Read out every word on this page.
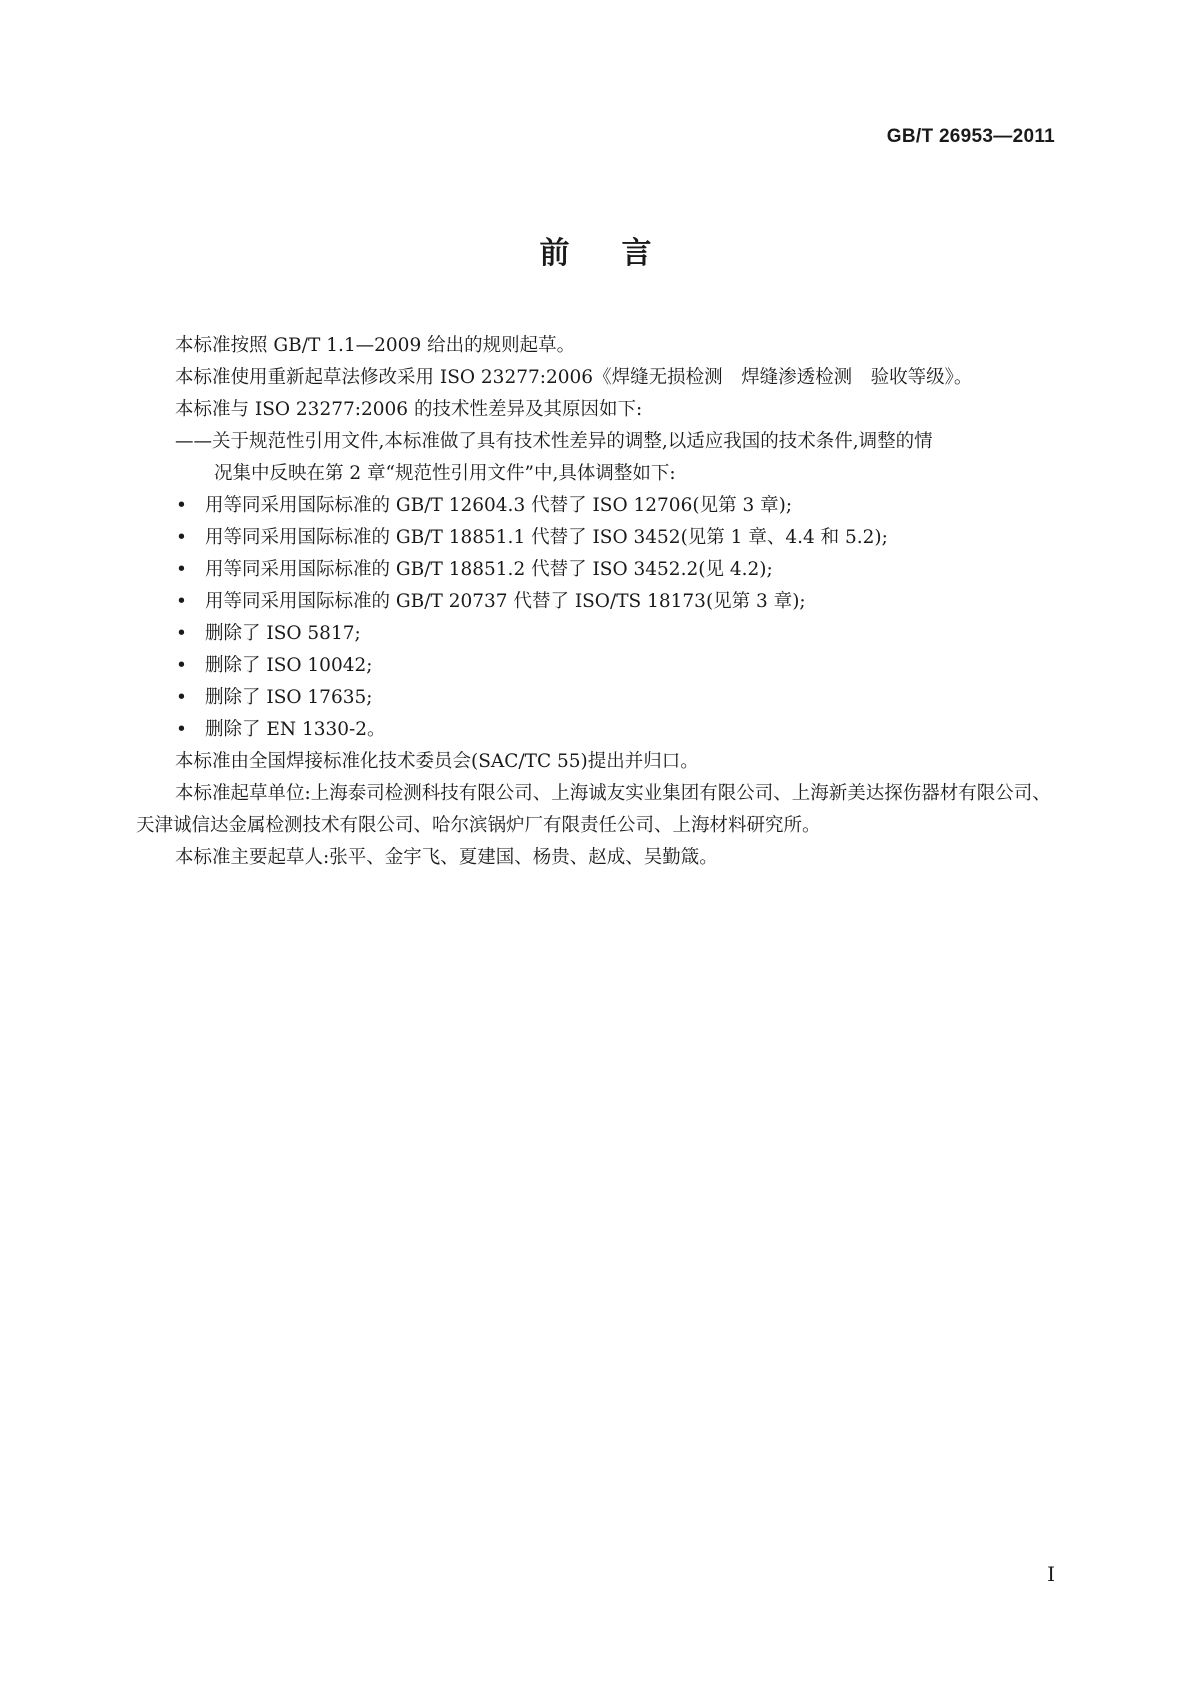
GB/T 26953—2011
前言

本标准按照 GB/T 1.1—2009 给出的规则起草。

本标准使用重新起草法修改采用 ISO 23277:2006《焊缝无损检测　焊缝渗透检测　验收等级》。

本标准与 ISO 23277:2006 的技术性差异及其原因如下:

——关于规范性引用文件,本标准做了具有技术性差异的调整,以适应我国的技术条件,调整的情

况集中反映在第 2 章“规范性引用文件”中,具体调整如下:

• 用等同采用国际标准的 GB/T 12604.3 代替了 ISO 12706(见第 3 章);

• 用等同采用国际标准的 GB/T 18851.1 代替了 ISO 3452(见第 1 章、4.4 和 5.2);

• 用等同采用国际标准的 GB/T 18851.2 代替了 ISO 3452.2(见 4.2);

• 用等同采用国际标准的 GB/T 20737 代替了 ISO/TS 18173(见第 3 章);

• 删除了 ISO 5817;

• 删除了 ISO 10042;

• 删除了 ISO 17635;

• 删除了 EN 1330-2。

本标准由全国焊接标准化技术委员会(SAC/TC 55)提出并归口。

本标准起草单位:上海泰司检测科技有限公司、上海诚友实业集团有限公司、上海新美达探伤器材有限公司、天津诚信达金属检测技术有限公司、哈尔滨锅炉厂有限责任公司、上海材料研究所。

本标准主要起草人:张平、金宇飞、夏建国、杨贵、赵成、吴勤箴。

I
